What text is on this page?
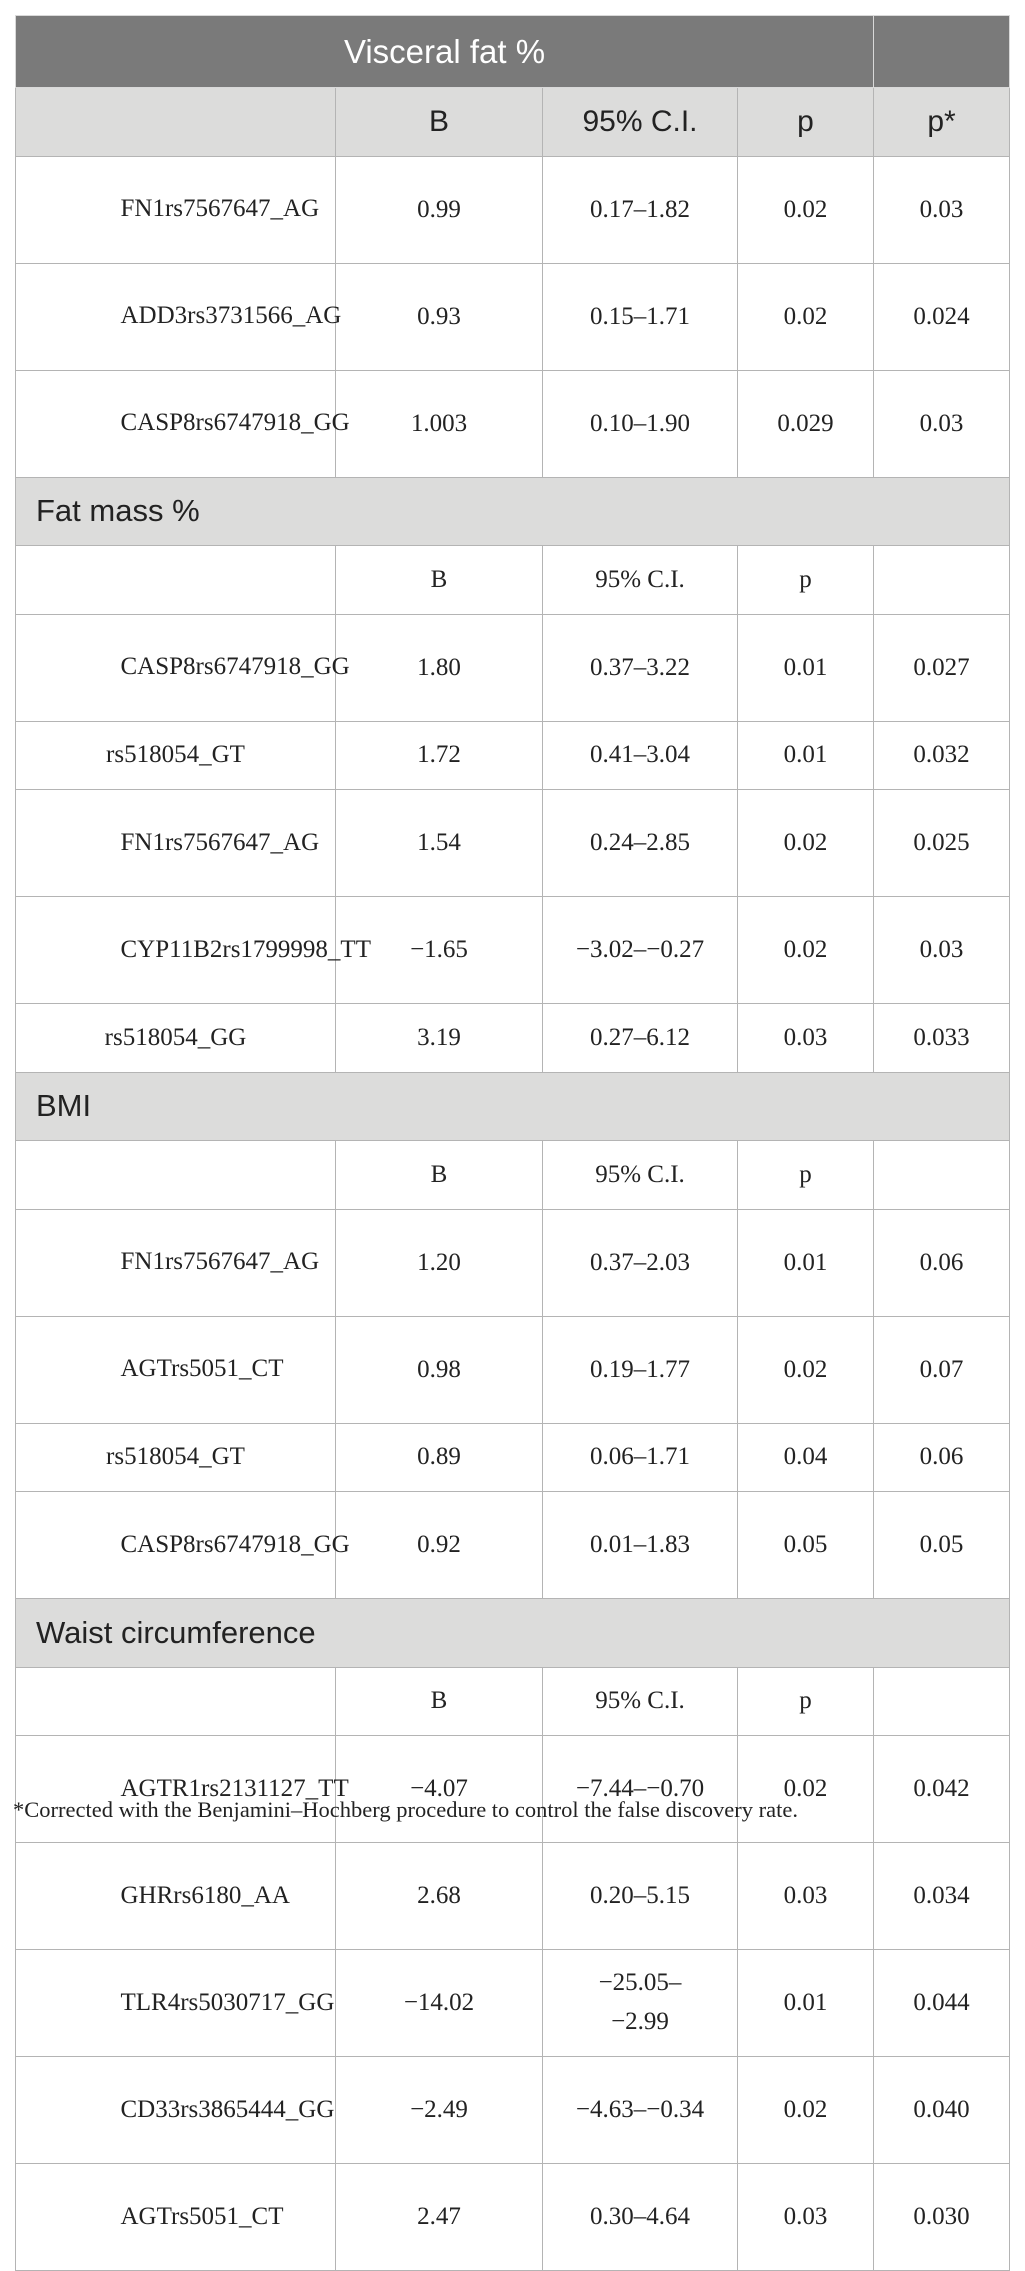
Visceral fat %				
	B	95% C.I.	p	p*
FN1rs7567647_AG	0.99	0.17–1.82	0.02	0.03
ADD3rs3731566_AG	0.93	0.15–1.71	0.02	0.024
CASP8rs6747918_GG	1.003	0.10–1.90	0.029	0.03
Fat mass %				
	B	95% C.I.	p	
CASP8rs6747918_GG	1.80	0.37–3.22	0.01	0.027
rs518054_GT	1.72	0.41–3.04	0.01	0.032
FN1rs7567647_AG	1.54	0.24–2.85	0.02	0.025
CYP11B2rs1799998_TT	−1.65	−3.02–−0.27	0.02	0.03
rs518054_GG	3.19	0.27–6.12	0.03	0.033
BMI				
	B	95% C.I.	p	
FN1rs7567647_AG	1.20	0.37–2.03	0.01	0.06
AGTrs5051_CT	0.98	0.19–1.77	0.02	0.07
rs518054_GT	0.89	0.06–1.71	0.04	0.06
CASP8rs6747918_GG	0.92	0.01–1.83	0.05	0.05
Waist circumference				
	B	95% C.I.	p	
AGTR1rs2131127_TT	−4.07	−7.44–−0.70	0.02	0.042
GHRrs6180_AA	2.68	0.20–5.15	0.03	0.034
TLR4rs5030717_GG	−14.02	−25.05–−2.99	0.01	0.044
CD33rs3865444_GG	−2.49	−4.63–−0.34	0.02	0.040
AGTrs5051_CT	2.47	0.30–4.64	0.03	0.030

*Corrected with the Benjamini–Hochberg procedure to control the false discovery rate.
